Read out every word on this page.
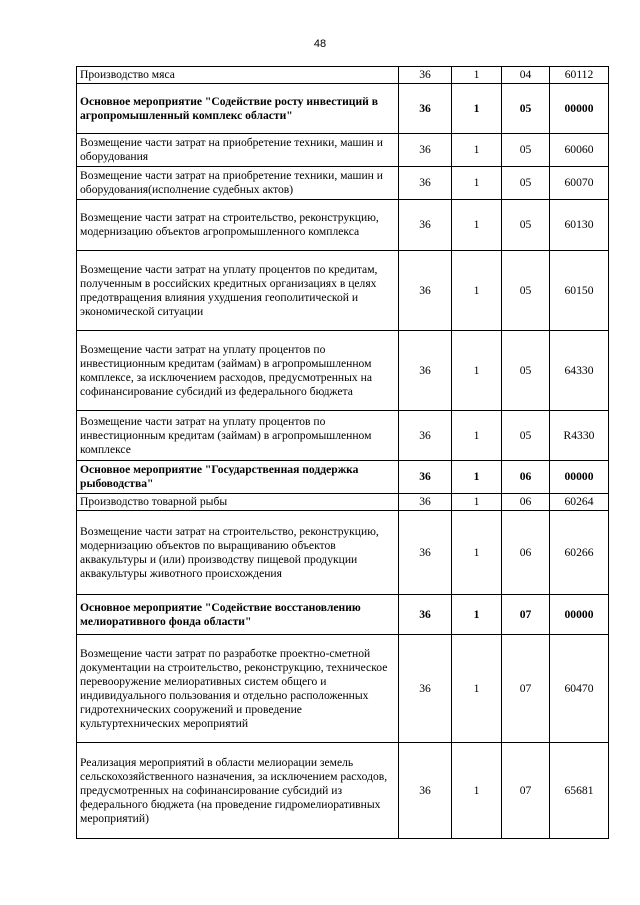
48
Производство мяса	36	1	04	60112
Основное мероприятие "Содействие росту инвестиций в агропромышленный комплекс области"	36	1	05	00000
Возмещение части затрат на приобретение техники, машин и оборудования	36	1	05	60060
Возмещение части затрат на приобретение техники, машин и оборудования(исполнение судебных актов)	36	1	05	60070
Возмещение части затрат на строительство, реконструкцию, модернизацию объектов агропромышленного комплекса	36	1	05	60130
Возмещение части затрат на уплату процентов по кредитам, полученным в российских кредитных организациях в целях предотвращения влияния ухудшения геополитической и экономической ситуации	36	1	05	60150
Возмещение части затрат на уплату процентов по инвестиционным кредитам (займам) в агропромышленном комплексе, за исключением расходов, предусмотренных на софинансирование субсидий из федерального бюджета	36	1	05	64330
Возмещение части затрат на уплату процентов по инвестиционным кредитам (займам) в агропромышленном комплексе	36	1	05	R4330
Основное мероприятие "Государственная поддержка рыбоводства"	36	1	06	00000
Производство товарной рыбы	36	1	06	60264
Возмещение части затрат на строительство, реконструкцию, модернизацию объектов по выращиванию объектов аквакультуры и (или) производству пищевой продукции аквакультуры животного происхождения	36	1	06	60266
Основное мероприятие "Содействие восстановлению мелиоративного фонда области"	36	1	07	00000
Возмещение части затрат по разработке проектно-сметной документации на строительство, реконструкцию, техническое перевооружение мелиоративных систем общего и индивидуального пользования и отдельно расположенных гидротехнических сооружений и проведение культуртехнических мероприятий	36	1	07	60470
Реализация мероприятий в области мелиорации земель сельскохозяйственного назначения, за исключением расходов, предусмотренных на софинансирование субсидий из федерального бюджета (на проведение гидромелиоративных мероприятий)	36	1	07	65681
